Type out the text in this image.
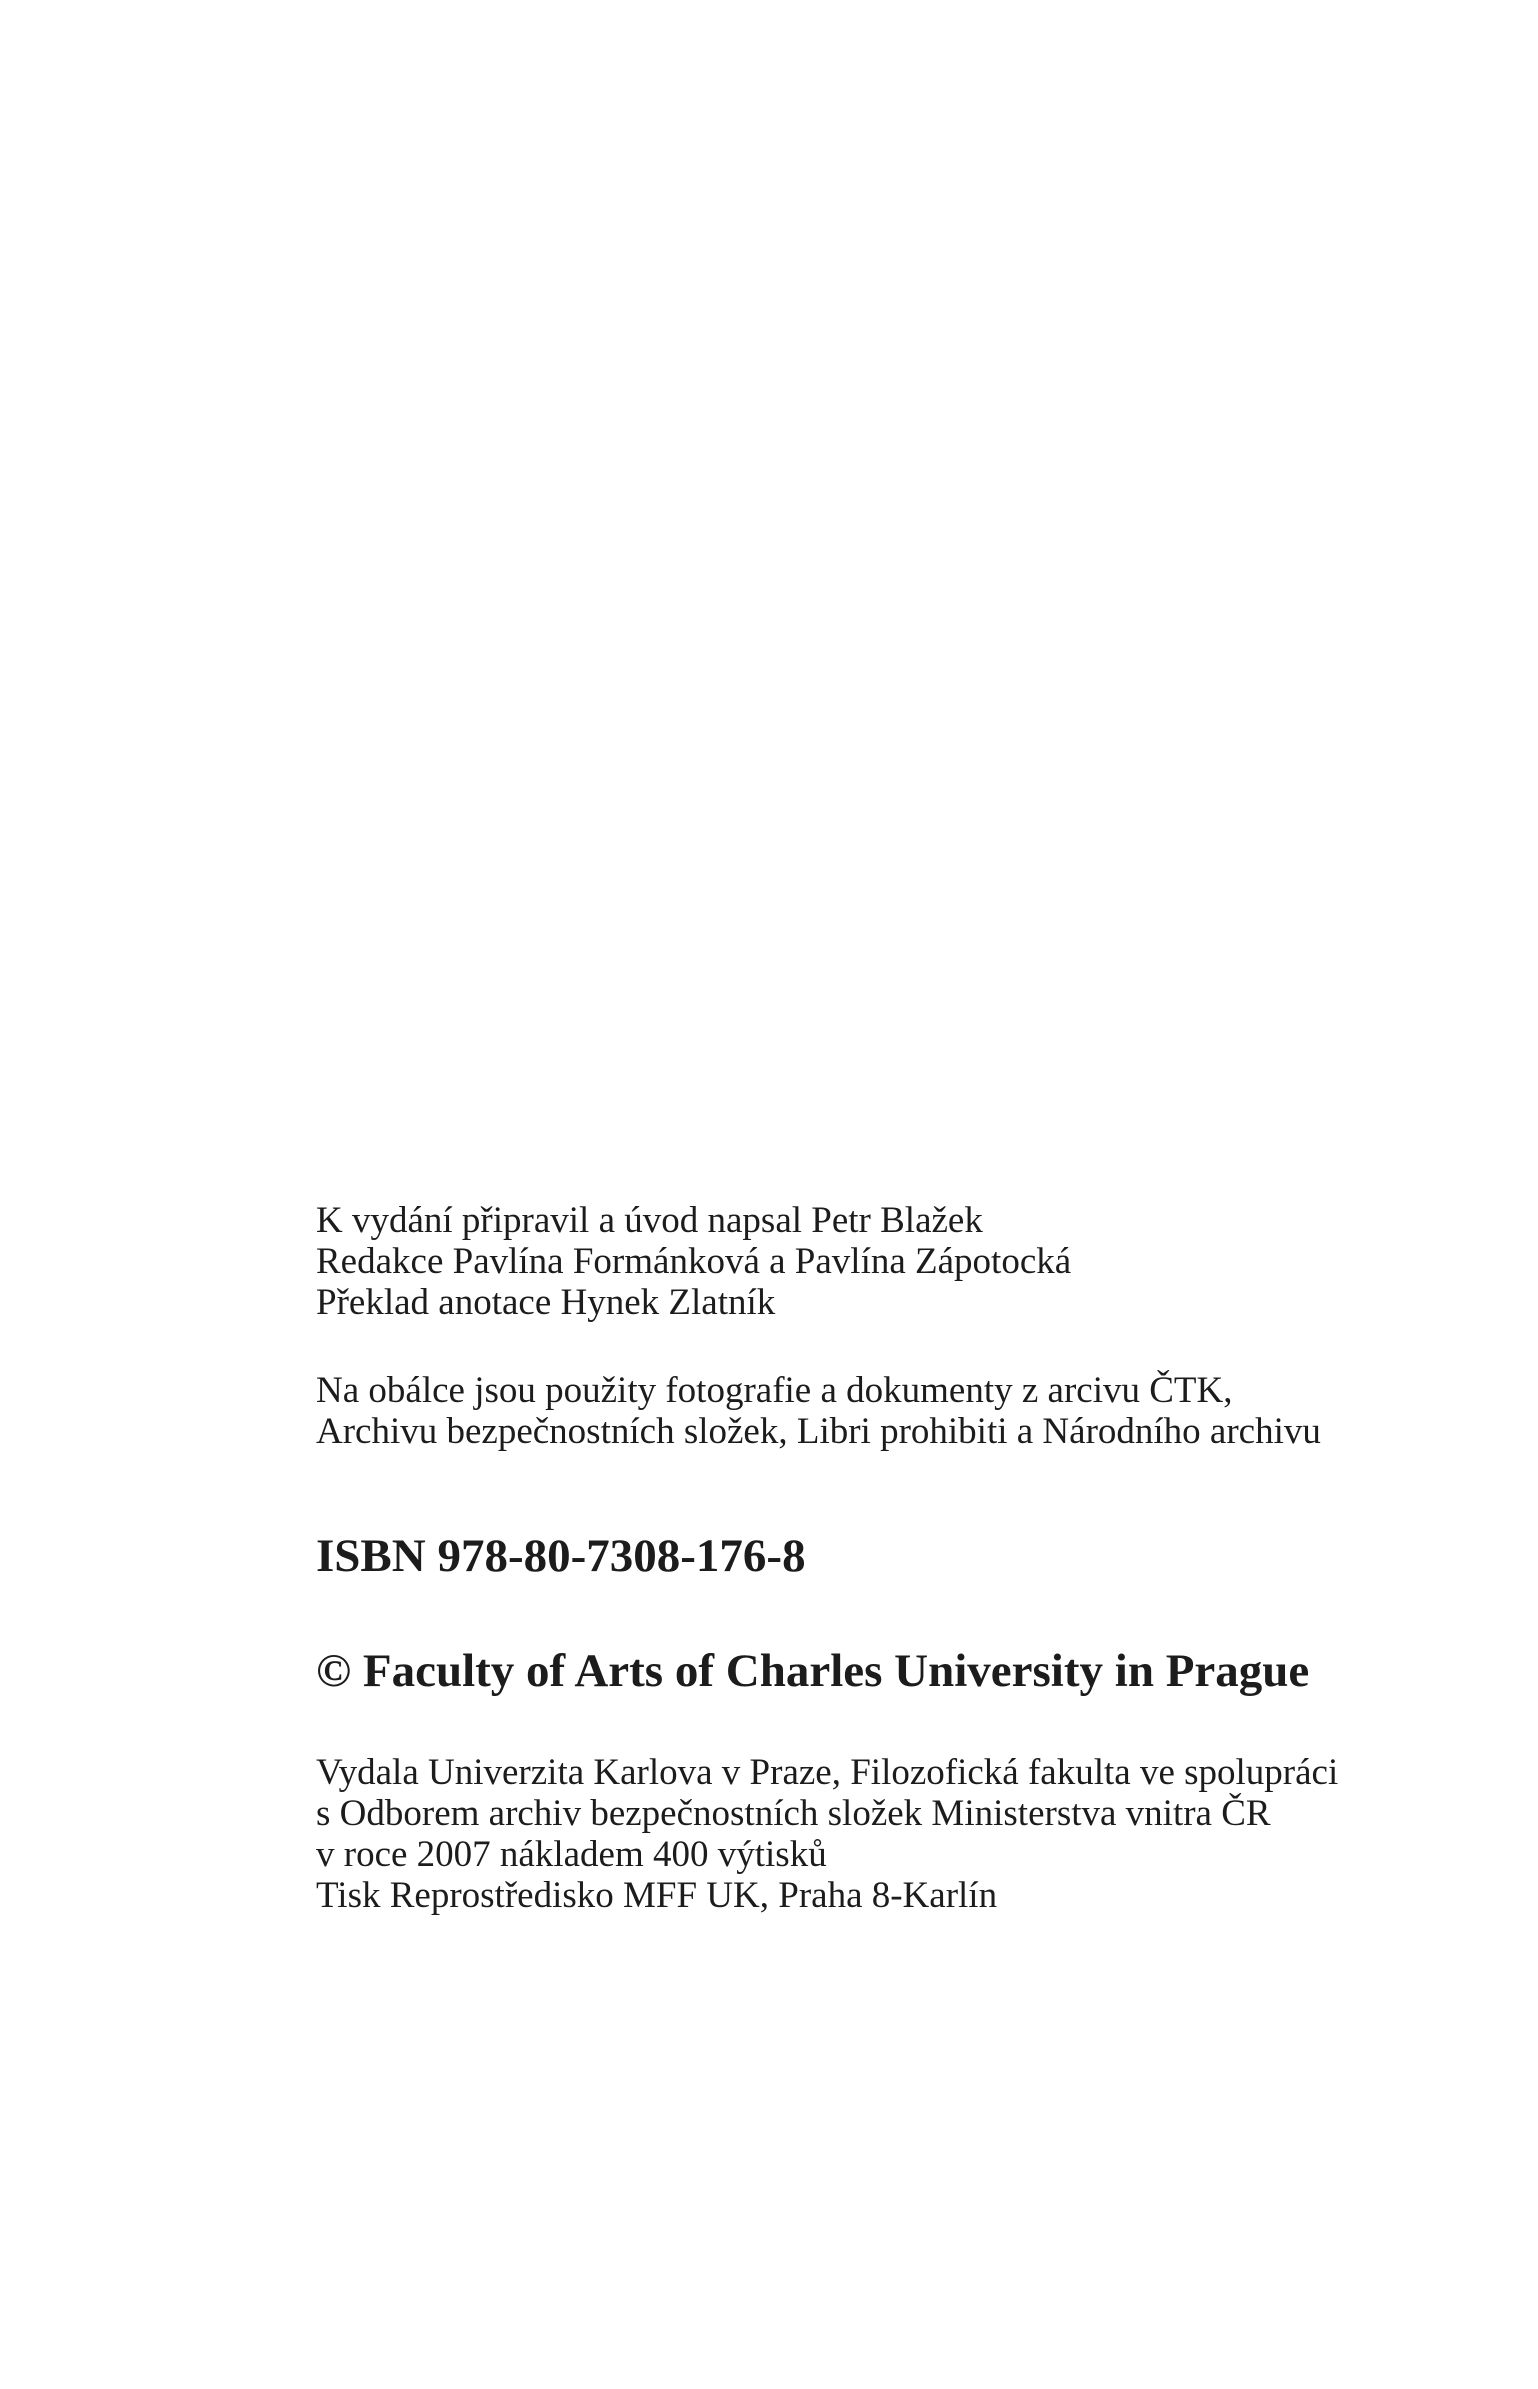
K vydání připravil a úvod napsal Petr Blažek
Redakce Pavlína Formánková a Pavlína Zápotocká
Překlad anotace Hynek Zlatník
Na obálce jsou použity fotografie a dokumenty z arcivu ČTK,
Archivu bezpečnostních složek, Libri prohibiti a Národního archivu
ISBN 978-80-7308-176-8
© Faculty of Arts of Charles University in Prague
Vydala Univerzita Karlova v Praze, Filozofická fakulta ve spolupráci
s Odborem archiv bezpečnostních složek Ministerstva vnitra ČR
v roce 2007 nákladem 400 výtisků
Tisk Reprostředisko MFF UK, Praha 8-Karlín
